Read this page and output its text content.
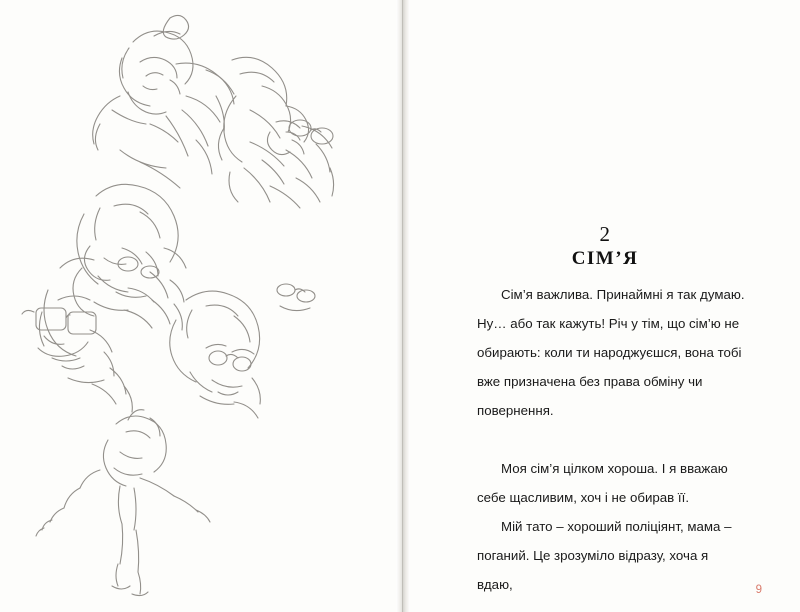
2
СІМ’Я

Сім’я важлива. Принаймні я так думаю. Ну… або так кажуть! Річ у тім, що сім’ю не обирають: коли ти народжуєшся, вона тобі вже призначена без права обміну чи повернення.

Моя сім’я цілком хороша. І я вважаю себе щасливим, хоч і не обирав її.

Мій тато – хороший поліціянт, мама – поганий. Це зрозуміло відразу, хоча я вдаю,	9
